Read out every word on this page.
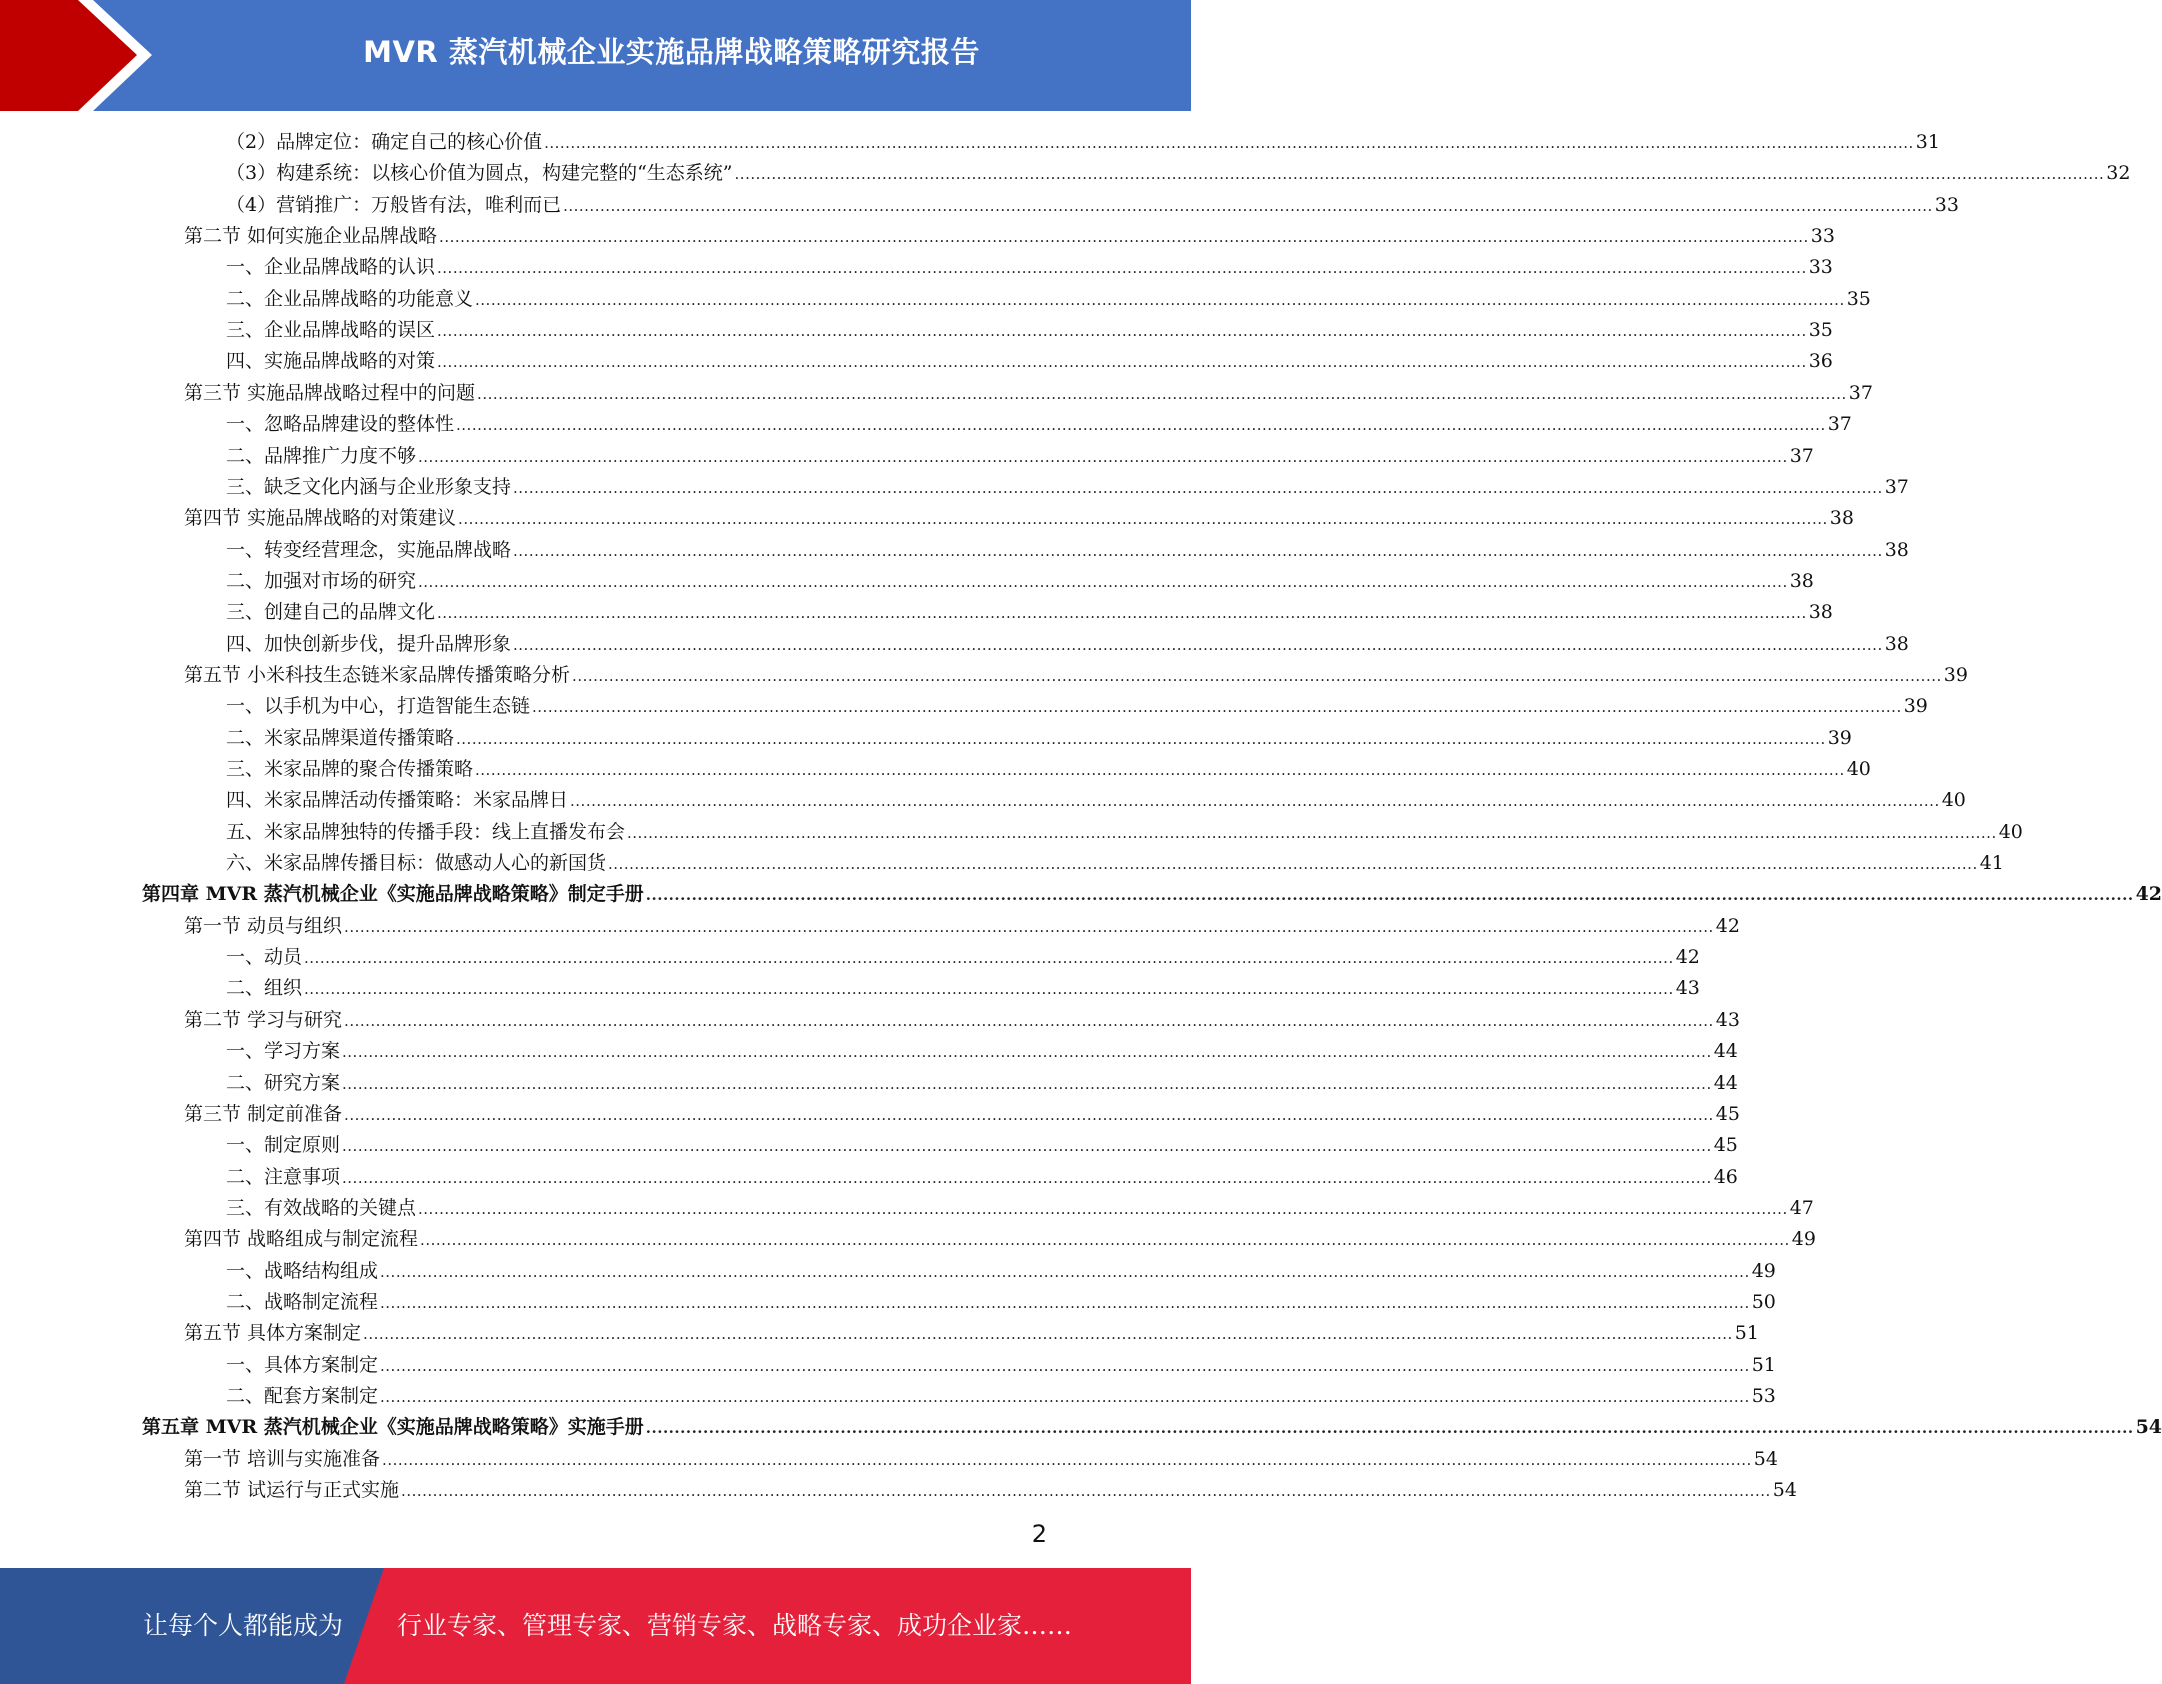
MVR 蒸汽机械企业实施品牌战略策略研究报告
（2）品牌定位：确定自己的核心价值 .................................................................................................................................................................................................................................................................... 31
（3）构建系统：以核心价值为圆点，构建完整的“生态系统” .................................................................................................................................................................................................................................................................... 32
（4）营销推广：万般皆有法，唯利而已 .................................................................................................................................................................................................................................................................... 33
第二节 如何实施企业品牌战略 .................................................................................................................................................................................................................................................................... 33
一、企业品牌战略的认识 .................................................................................................................................................................................................................................................................... 33
二、企业品牌战略的功能意义 .................................................................................................................................................................................................................................................................... 35
三、企业品牌战略的误区 .................................................................................................................................................................................................................................................................... 35
四、实施品牌战略的对策 .................................................................................................................................................................................................................................................................... 36
第三节 实施品牌战略过程中的问题 .................................................................................................................................................................................................................................................................... 37
一、忽略品牌建设的整体性 .................................................................................................................................................................................................................................................................... 37
二、品牌推广力度不够 .................................................................................................................................................................................................................................................................... 37
三、缺乏文化内涵与企业形象支持 .................................................................................................................................................................................................................................................................... 37
第四节 实施品牌战略的对策建议 .................................................................................................................................................................................................................................................................... 38
一、转变经营理念，实施品牌战略 .................................................................................................................................................................................................................................................................... 38
二、加强对市场的研究 .................................................................................................................................................................................................................................................................... 38
三、创建自己的品牌文化 .................................................................................................................................................................................................................................................................... 38
四、加快创新步伐，提升品牌形象 .................................................................................................................................................................................................................................................................... 38
第五节 小米科技生态链米家品牌传播策略分析 .................................................................................................................................................................................................................................................................... 39
一、以手机为中心，打造智能生态链 .................................................................................................................................................................................................................................................................... 39
二、米家品牌渠道传播策略 .................................................................................................................................................................................................................................................................... 39
三、米家品牌的聚合传播策略 .................................................................................................................................................................................................................................................................... 40
四、米家品牌活动传播策略：米家品牌日 .................................................................................................................................................................................................................................................................... 40
五、米家品牌独特的传播手段：线上直播发布会 .................................................................................................................................................................................................................................................................... 40
六、米家品牌传播目标：做感动人心的新国货 .................................................................................................................................................................................................................................................................... 41
第四章 MVR 蒸汽机械企业《实施品牌战略策略》制定手册 .................................................................................................................................................................................................................................................................... 42
第一节 动员与组织 .................................................................................................................................................................................................................................................................... 42
一、动员 .................................................................................................................................................................................................................................................................... 42
二、组织 .................................................................................................................................................................................................................................................................... 43
第二节 学习与研究 .................................................................................................................................................................................................................................................................... 43
一、学习方案 .................................................................................................................................................................................................................................................................... 44
二、研究方案 .................................................................................................................................................................................................................................................................... 44
第三节 制定前准备 .................................................................................................................................................................................................................................................................... 45
一、制定原则 .................................................................................................................................................................................................................................................................... 45
二、注意事项 .................................................................................................................................................................................................................................................................... 46
三、有效战略的关键点 .................................................................................................................................................................................................................................................................... 47
第四节 战略组成与制定流程 .................................................................................................................................................................................................................................................................... 49
一、战略结构组成 .................................................................................................................................................................................................................................................................... 49
二、战略制定流程 .................................................................................................................................................................................................................................................................... 50
第五节 具体方案制定 .................................................................................................................................................................................................................................................................... 51
一、具体方案制定 .................................................................................................................................................................................................................................................................... 51
二、配套方案制定 .................................................................................................................................................................................................................................................................... 53
第五章 MVR 蒸汽机械企业《实施品牌战略策略》实施手册 .................................................................................................................................................................................................................................................................... 54
第一节 培训与实施准备 .................................................................................................................................................................................................................................................................... 54
第二节 试运行与正式实施 .................................................................................................................................................................................................................................................................... 54
2
让每个人都能成为 行业专家、管理专家、营销专家、战略专家、成功企业家……
